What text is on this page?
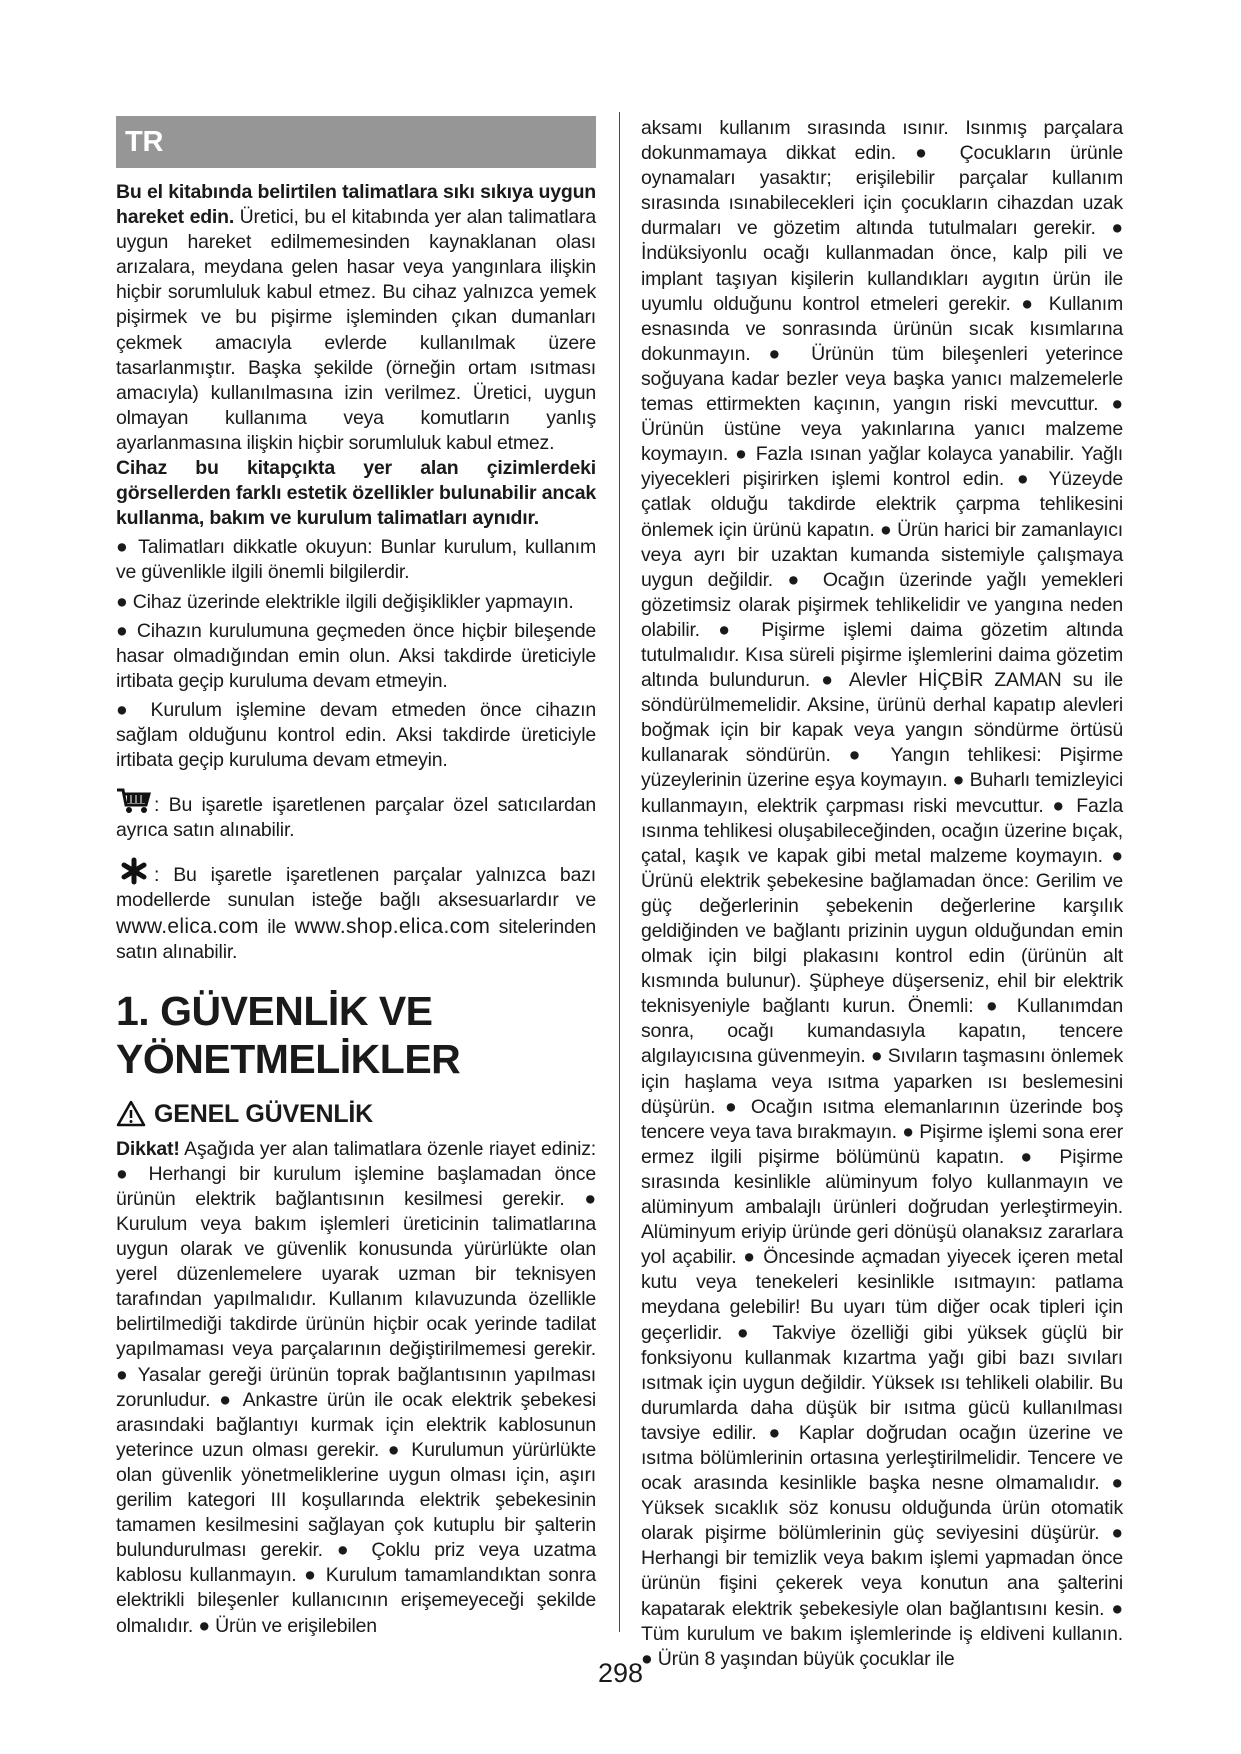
TR

Bu el kitabında belirtilen talimatlara sıkı sıkıya uygun hareket edin. Üretici, bu el kitabında yer alan talimatlara uygun hareket edilmemesinden kaynaklanan olası arızalara, meydana gelen hasar veya yangınlara ilişkin hiçbir sorumluluk kabul etmez. Bu cihaz yalnızca yemek pişirmek ve bu pişirme işleminden çıkan dumanları çekmek amacıyla evlerde kullanılmak üzere tasarlanmıştır. Başka şekilde (örneğin ortam ısıtması amacıyla) kullanılmasına izin verilmez. Üretici, uygun olmayan kullanıma veya komutların yanlış ayarlanmasına ilişkin hiçbir sorumluluk kabul etmez.

Cihaz bu kitapçıkta yer alan çizimlerdeki görsellerden farklı estetik özellikler bulunabilir ancak kullanma, bakım ve kurulum talimatları aynıdır.

● Talimatları dikkatle okuyun: Bunlar kurulum, kullanım ve güvenlikle ilgili önemli bilgilerdir.

● Cihaz üzerinde elektrikle ilgili değişiklikler yapmayın.

● Cihazın kurulumuna geçmeden önce hiçbir bileşende hasar olmadığından emin olun. Aksi takdirde üreticiyle irtibata geçip kuruluma devam etmeyin.

● Kurulum işlemine devam etmeden önce cihazın sağlam olduğunu kontrol edin. Aksi takdirde üreticiyle irtibata geçip kuruluma devam etmeyin.

: Bu işaretle işaretlenen parçalar özel satıcılardan ayrıca satın alınabilir.

: Bu işaretle işaretlenen parçalar yalnızca bazı modellerde sunulan isteğe bağlı aksesuarlardır ve www.elica.com ile www.shop.elica.com sitelerinden satın alınabilir.

1. GÜVENLİK VE YÖNETMELİKLER
GENEL GÜVENLİK

Dikkat! Aşağıda yer alan talimatlara özenle riayet ediniz: ● Herhangi bir kurulum işlemine başlamadan önce ürünün elektrik bağlantısının kesilmesi gerekir. ● Kurulum veya bakım işlemleri üreticinin talimatlarına uygun olarak ve güvenlik konusunda yürürlükte olan yerel düzenlemelere uyarak uzman bir teknisyen tarafından yapılmalıdır. Kullanım kılavuzunda özellikle belirtilmediği takdirde ürünün hiçbir ocak yerinde tadilat yapılmaması veya parçalarının değiştirilmemesi gerekir. ● Yasalar gereği ürünün toprak bağlantısının yapılması zorunludur. ● Ankastre ürün ile ocak elektrik şebekesi arasındaki bağlantıyı kurmak için elektrik kablosunun yeterince uzun olması gerekir. ● Kurulumun yürürlükte olan güvenlik yönetmeliklerine uygun olması için, aşırı gerilim kategori III koşullarında elektrik şebekesinin tamamen kesilmesini sağlayan çok kutuplu bir şalterin bulundurulması gerekir. ● Çoklu priz veya uzatma kablosu kullanmayın. ● Kurulum tamamlandıktan sonra elektrikli bileşenler kullanıcının erişemeyeceği şekilde olmalıdır. ● Ürün ve erişilebilen

aksamı kullanım sırasında ısınır. Isınmış parçalara dokunmamaya dikkat edin. ● Çocukların ürünle oynamaları yasaktır; erişilebilir parçalar kullanım sırasında ısınabilecekleri için çocukların cihazdan uzak durmaları ve gözetim altında tutulmaları gerekir. ● İndüksiyonlu ocağı kullanmadan önce, kalp pili ve implant taşıyan kişilerin kullandıkları aygıtın ürün ile uyumlu olduğunu kontrol etmeleri gerekir. ● Kullanım esnasında ve sonrasında ürünün sıcak kısımlarına dokunmayın. ● Ürünün tüm bileşenleri yeterince soğuyana kadar bezler veya başka yanıcı malzemelerle temas ettirmekten kaçının, yangın riski mevcuttur. ● Ürünün üstüne veya yakınlarına yanıcı malzeme koymayın. ● Fazla ısınan yağlar kolayca yanabilir. Yağlı yiyecekleri pişirirken işlemi kontrol edin. ● Yüzeyde çatlak olduğu takdirde elektrik çarpma tehlikesini önlemek için ürünü kapatın. ● Ürün harici bir zamanlayıcı veya ayrı bir uzaktan kumanda sistemiyle çalışmaya uygun değildir. ● Ocağın üzerinde yağlı yemekleri gözetimsiz olarak pişirmek tehlikelidir ve yangına neden olabilir. ● Pişirme işlemi daima gözetim altında tutulmalıdır. Kısa süreli pişirme işlemlerini daima gözetim altında bulundurun. ● Alevler HİÇBİR ZAMAN su ile söndürülmemelidir. Aksine, ürünü derhal kapatıp alevleri boğmak için bir kapak veya yangın söndürme örtüsü kullanarak söndürün. ● Yangın tehlikesi: Pişirme yüzeylerinin üzerine eşya koymayın. ● Buharlı temizleyici kullanmayın, elektrik çarpması riski mevcuttur. ● Fazla ısınma tehlikesi oluşabileceğinden, ocağın üzerine bıçak, çatal, kaşık ve kapak gibi metal malzeme koymayın. ● Ürünü elektrik şebekesine bağlamadan önce: Gerilim ve güç değerlerinin şebekenin değerlerine karşılık geldiğinden ve bağlantı prizinin uygun olduğundan emin olmak için bilgi plakasını kontrol edin (ürünün alt kısmında bulunur). Şüpheye düşerseniz, ehil bir elektrik teknisyeniyle bağlantı kurun. Önemli: ● Kullanımdan sonra, ocağı kumandasıyla kapatın, tencere algılayıcısına güvenmeyin. ● Sıvıların taşmasını önlemek için haşlama veya ısıtma yaparken ısı beslemesini düşürün. ● Ocağın ısıtma elemanlarının üzerinde boş tencere veya tava bırakmayın. ● Pişirme işlemi sona erer ermez ilgili pişirme bölümünü kapatın. ● Pişirme sırasında kesinlikle alüminyum folyo kullanmayın ve alüminyum ambalajlı ürünleri doğrudan yerleştirmeyin. Alüminyum eriyip üründe geri dönüşü olanaksız zararlara yol açabilir. ● Öncesinde açmadan yiyecek içeren metal kutu veya tenekeleri kesinlikle ısıtmayın: patlama meydana gelebilir! Bu uyarı tüm diğer ocak tipleri için geçerlidir. ● Takviye özelliği gibi yüksek güçlü bir fonksiyonu kullanmak kızartma yağı gibi bazı sıvıları ısıtmak için uygun değildir. Yüksek ısı tehlikeli olabilir. Bu durumlarda daha düşük bir ısıtma gücü kullanılması tavsiye edilir. ● Kaplar doğrudan ocağın üzerine ve ısıtma bölümlerinin ortasına yerleştirilmelidir. Tencere ve ocak arasında kesinlikle başka nesne olmamalıdır. ● Yüksek sıcaklık söz konusu olduğunda ürün otomatik olarak pişirme bölümlerinin güç seviyesini düşürür. ● Herhangi bir temizlik veya bakım işlemi yapmadan önce ürünün fişini çekerek veya konutun ana şalterini kapatarak elektrik şebekesiyle olan bağlantısını kesin. ● Tüm kurulum ve bakım işlemlerinde iş eldiveni kullanın. ● Ürün 8 yaşından büyük çocuklar ile

298
